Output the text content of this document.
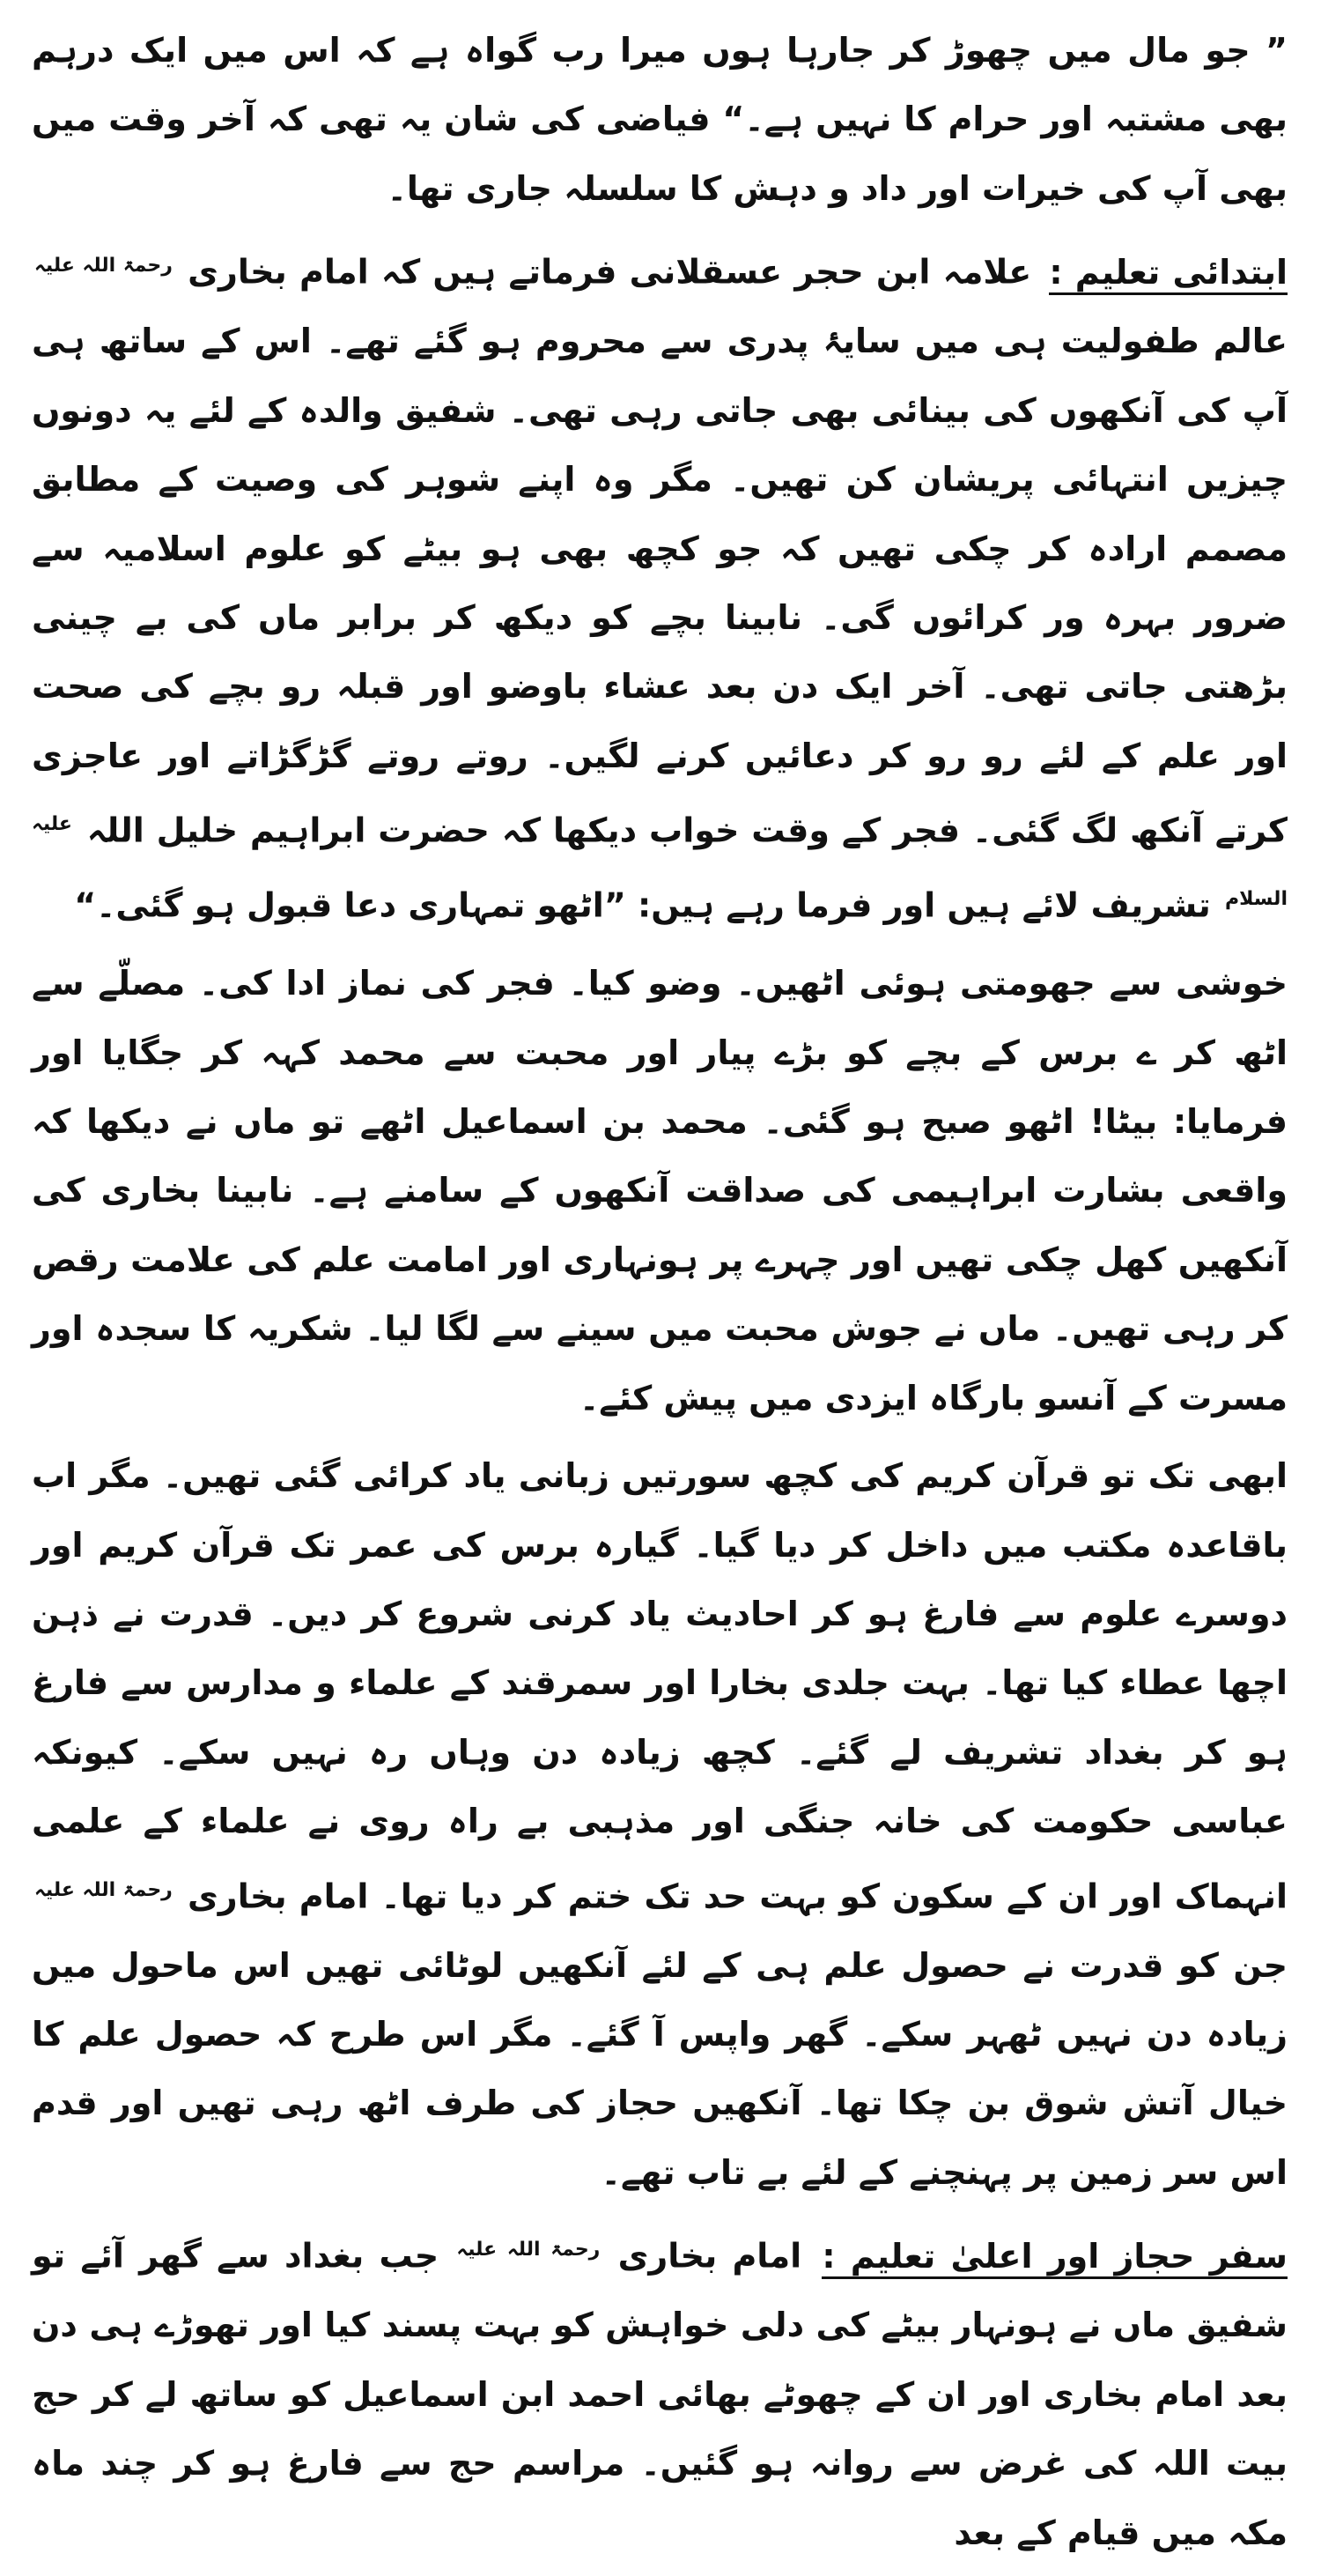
” جو مال میں چھوڑ کر جارہا ہوں میرا رب گواہ ہے کہ اس میں ایک درہم بھی مشتبہ اور حرام کا نہیں ہے۔“ فیاضی کی شان یہ تھی کہ آخر وقت میں بھی آپ کی خیرات اور داد و دہش کا سلسلہ جاری تھا۔

ابتدائی تعلیم : علامہ ابن حجر عسقلانی فرماتے ہیں کہ امام بخاری $^{رحمۃ اللہ علیہ}$ عالم طفولیت ہی میں سایۂ پدری سے محروم ہو گئے تھے۔ اس کے ساتھ ہی آپ کی آنکھوں کی بینائی بھی جاتی رہی تھی۔ شفیق والدہ کے لئے یہ دونوں چیزیں انتہائی پریشان کن تھیں۔ مگر وہ اپنے شوہر کی وصیت کے مطابق مصمم ارادہ کر چکی تھیں کہ جو کچھ بھی ہو بیٹے کو علوم اسلامیہ سے ضرور بہرہ ور کرائوں گی۔ نابینا بچے کو دیکھ کر برابر ماں کی بے چینی بڑھتی جاتی تھی۔ آخر ایک دن بعد عشاء باوضو اور قبلہ رو بچے کی صحت اور علم کے لئے رو رو کر دعائیں کرنے لگیں۔ روتے روتے گڑگڑاتے اور عاجزی کرتے آنکھ لگ گئی۔ فجر کے وقت خواب دیکھا کہ حضرت ابراہیم خلیل اللہ $^{علیہ السلام}$ تشریف لائے ہیں اور فرما رہے ہیں: ”اٹھو تمہاری دعا قبول ہو گئی۔“

خوشی سے جھومتی ہوئی اٹھیں۔ وضو کیا۔ فجر کی نماز ادا کی۔ مصلّے سے اٹھ کر ے برس کے بچے کو بڑے پیار اور محبت سے محمد کہہ کر جگایا اور فرمایا: بیٹا! اٹھو صبح ہو گئی۔ محمد بن اسماعیل اٹھے تو ماں نے دیکھا کہ واقعی بشارت ابراہیمی کی صداقت آنکھوں کے سامنے ہے۔ نابینا بخاری کی آنکھیں کھل چکی تھیں اور چہرے پر ہونہاری اور امامت علم کی علامت رقص کر رہی تھیں۔ ماں نے جوش محبت میں سینے سے لگا لیا۔ شکریہ کا سجدہ اور مسرت کے آنسو بارگاہ ایزدی میں پیش کئے۔

ابھی تک تو قرآن کریم کی کچھ سورتیں زبانی یاد کرائی گئی تھیں۔ مگر اب باقاعدہ مکتب میں داخل کر دیا گیا۔ گیارہ برس کی عمر تک قرآن کریم اور دوسرے علوم سے فارغ ہو کر احادیث یاد کرنی شروع کر دیں۔ قدرت نے ذہن اچھا عطاء کیا تھا۔ بہت جلدی بخارا اور سمرقند کے علماء و مدارس سے فارغ ہو کر بغداد تشریف لے گئے۔ کچھ زیادہ دن وہاں رہ نہیں سکے۔ کیونکہ عباسی حکومت کی خانہ جنگی اور مذہبی بے راہ روی نے علماء کے علمی انہماک اور ان کے سکون کو بہت حد تک ختم کر دیا تھا۔ امام بخاری $^{رحمۃ اللہ علیہ}$ جن کو قدرت نے حصول علم ہی کے لئے آنکھیں لوٹائی تھیں اس ماحول میں زیادہ دن نہیں ٹھہر سکے۔ گھر واپس آ گئے۔ مگر اس طرح کہ حصول علم کا خیال آتش شوق بن چکا تھا۔ آنکھیں حجاز کی طرف اٹھ رہی تھیں اور قدم اس سر زمین پر پہنچنے کے لئے بے تاب تھے۔

سفر حجاز اور اعلیٰ تعلیم : امام بخاری $^{رحمۃ اللہ علیہ}$ جب بغداد سے گھر آئے تو شفیق ماں نے ہونہار بیٹے کی دلی خواہش کو بہت پسند کیا اور تھوڑے ہی دن بعد امام بخاری اور ان کے چھوٹے بھائی احمد ابن اسماعیل کو ساتھ لے کر حج بیت اللہ کی غرض سے روانہ ہو گئیں۔ مراسم حج سے فارغ ہو کر چند ماہ مکہ میں قیام کے بعد
